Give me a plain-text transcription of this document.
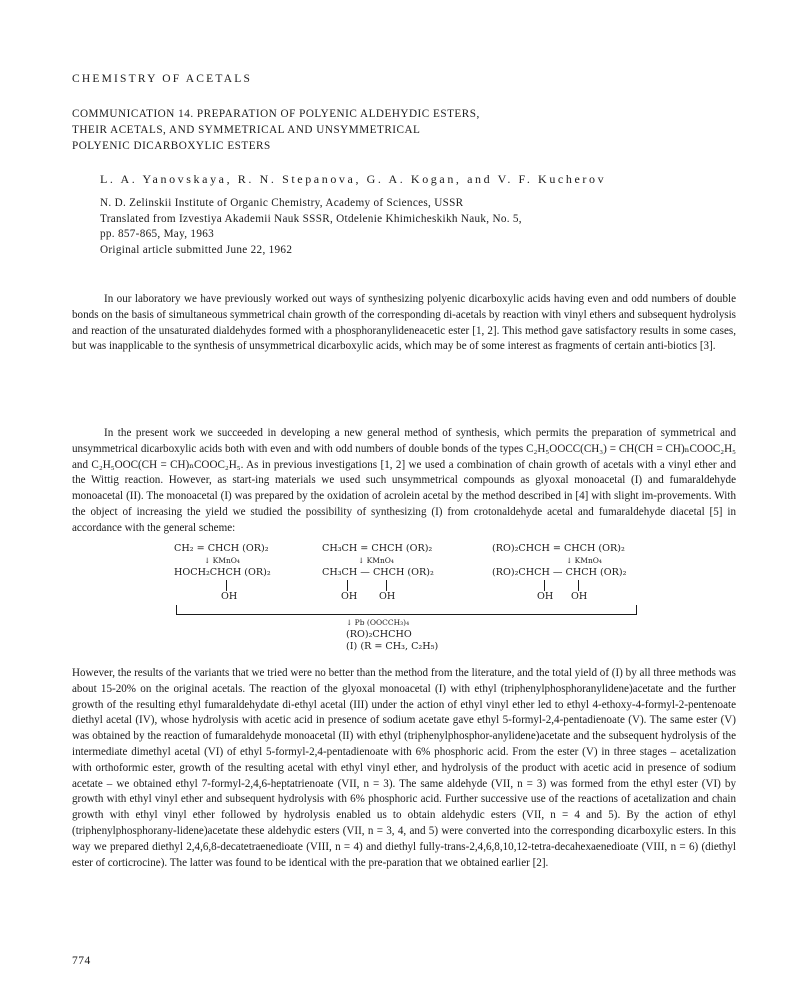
CHEMISTRY OF ACETALS
COMMUNICATION 14. PREPARATION OF POLYENIC ALDEHYDIC ESTERS,
THEIR ACETALS, AND SYMMETRICAL AND UNSYMMETRICAL
POLYENIC DICARBOXYLIC ESTERS
L. A. Yanovskaya, R. N. Stepanova, G. A. Kogan, and V. F. Kucherov
N. D. Zelinskii Institute of Organic Chemistry, Academy of Sciences, USSR
Translated from Izvestiya Akademii Nauk SSSR, Otdelenie Khimicheskikh Nauk, No. 5,
pp. 857-865, May, 1963
Original article submitted June 22, 1962
In our laboratory we have previously worked out ways of synthesizing polyenic dicarboxylic acids having even and odd numbers of double bonds on the basis of simultaneous symmetrical chain growth of the corresponding di-acetals by reaction with vinyl ethers and subsequent hydrolysis and reaction of the unsaturated dialdehydes formed with a phosphoranylideneacetic ester [1, 2]. This method gave satisfactory results in some cases, but was inapplicable to the synthesis of unsymmetrical dicarboxylic acids, which may be of some interest as fragments of certain anti-biotics [3].
In the present work we succeeded in developing a new general method of synthesis, which permits the preparation of symmetrical and unsymmetrical dicarboxylic acids both with even and with odd numbers of double bonds of the types C₂H₅OOCC(CH₃) = CH(CH = CH)ₙCOOC₂H₅ and C₂H₅OOC(CH = CH)ₙCOOC₂H₅. As in previous investigations [1, 2] we used a combination of chain growth of acetals with a vinyl ether and the Wittig reaction. However, as start-ing materials we used such unsymmetrical compounds as glyoxal monoacetal (I) and fumaraldehyde monoacetal (II). The monoacetal (I) was prepared by the oxidation of acrolein acetal by the method described in [4] with slight im-provements. With the object of increasing the yield we studied the possibility of synthesizing (I) from crotonaldehyde acetal and fumaraldehyde diacetal [5] in accordance with the general scheme:
CH₂ = CHCH (OR)₂
↓ KMnO₄
HOCH₂CHCH (OR)₂
OH
CH₃CH = CHCH (OR)₂
↓ KMnO₄
CH₃CH — CHCH (OR)₂
OH OH
(RO)₂CHCH = CHCH (OR)₂
↓ KMnO₄
(RO)₂CHCH — CHCH (OR)₂
OH OH
↓ Pb (OOCCH₃)₄
(RO)₂CHCHO
(I) (R = CH₃, C₂H₅)
However, the results of the variants that we tried were no better than the method from the literature, and the total yield of (I) by all three methods was about 15-20% on the original acetals. The reaction of the glyoxal monoacetal (I) with ethyl (triphenylphosphoranylidene)acetate and the further growth of the resulting ethyl fumaraldehydate di-ethyl acetal (III) under the action of ethyl vinyl ether led to ethyl 4-ethoxy-4-formyl-2-pentenoate diethyl acetal (IV), whose hydrolysis with acetic acid in presence of sodium acetate gave ethyl 5-formyl-2,4-pentadienoate (V). The same ester (V) was obtained by the reaction of fumaraldehyde monoacetal (II) with ethyl (triphenylphosphor-anylidene)acetate and the subsequent hydrolysis of the intermediate dimethyl acetal (VI) of ethyl 5-formyl-2,4-pentadienoate with 6% phosphoric acid. From the ester (V) in three stages – acetalization with orthoformic ester, growth of the resulting acetal with ethyl vinyl ether, and hydrolysis of the product with acetic acid in presence of sodium acetate – we obtained ethyl 7-formyl-2,4,6-heptatrienoate (VII, n = 3). The same aldehyde (VII, n = 3) was formed from the ethyl ester (VI) by growth with ethyl vinyl ether and subsequent hydrolysis with 6% phosphoric acid. Further successive use of the reactions of acetalization and chain growth with ethyl vinyl ether followed by hydrolysis enabled us to obtain aldehydic esters (VII, n = 4 and 5). By the action of ethyl (triphenylphosphorany-lidene)acetate these aldehydic esters (VII, n = 3, 4, and 5) were converted into the corresponding dicarboxylic esters. In this way we prepared diethyl 2,4,6,8-decatetraenedioate (VIII, n = 4) and diethyl fully-trans-2,4,6,8,10,12-tetra-decahexaenedioate (VIII, n = 6) (diethyl ester of corticrocine). The latter was found to be identical with the pre-paration that we obtained earlier [2].
774
